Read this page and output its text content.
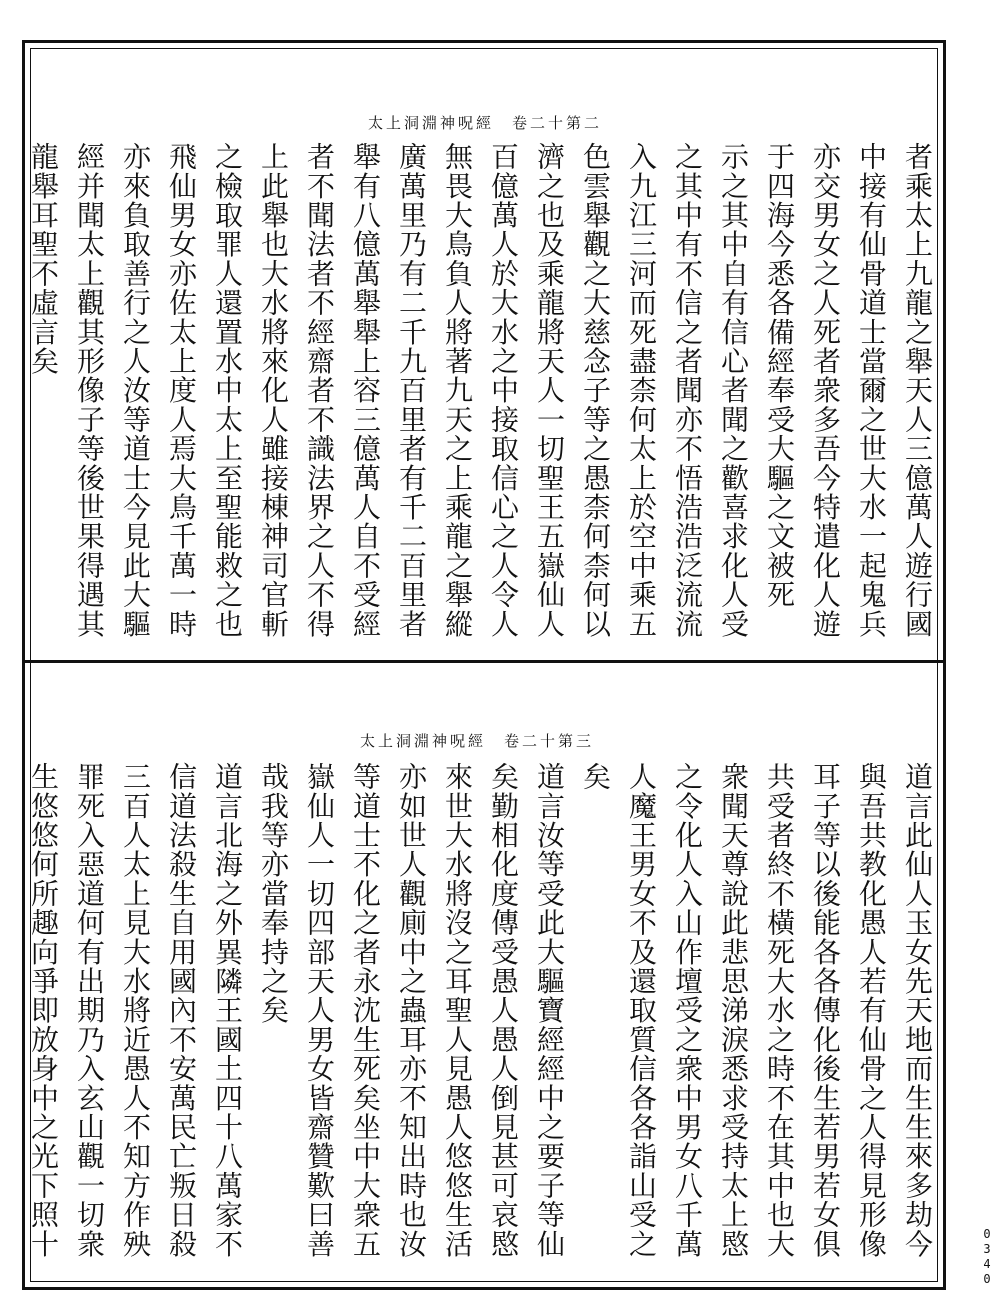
太上洞淵神呪經　卷二十第二
者乘太上九龍之舉天人三億萬人遊行國
中接有仙骨道士當爾之世大水一起鬼兵
亦交男女之人死者衆多吾今特遣化人遊
于四海今悉各備經奉受大驅之文被死
示之其中自有信心者聞之歡喜求化人受
之其中有不信之者聞亦不悟浩浩泛流流
入九江三河而死盡柰何太上於空中乘五
色雲舉觀之大慈念子等之愚柰何柰何以
濟之也及乘龍將天人一切聖王五嶽仙人
百億萬人於大水之中接取信心之人令人
無畏大鳥負人將著九天之上乘龍之舉縱
廣萬里乃有二千九百里者有千二百里者
舉有八億萬舉舉上容三億萬人自不受經
者不聞法者不經齋者不識法界之人不得
上此舉也大水將來化人雖接棟神司官斬
之檢取罪人還置水中太上至聖能救之也
飛仙男女亦佐太上度人焉大鳥千萬一時
亦來負取善行之人汝等道士今見此大驅
經并聞太上觀其形像子等後世果得遇其
龍舉耳聖不虛言矣
太上洞淵神呪經　卷二十第三
道言此仙人玉女先天地而生生來多劫今
與吾共教化愚人若有仙骨之人得見形像
耳子等以後能各各傳化後生若男若女俱
共受者終不橫死大水之時不在其中也大
衆聞天尊說此悲思涕淚悉求受持太上愍
之令化人入山作壇受之衆中男女八千萬
人魔王男女不及還取質信各各詣山受之
矣
道言汝等受此大驅寶經經中之要子等仙
矣勤相化度傳受愚人愚人倒見甚可哀愍
來世大水將沒之耳聖人見愚人悠悠生活
亦如世人觀廁中之蟲耳亦不知出時也汝
等道士不化之者永沈生死矣坐中大衆五
嶽仙人一切四部天人男女皆齋贊歎曰善
哉我等亦當奉持之矣
道言北海之外異隣王國土四十八萬家不
信道法殺生自用國內不安萬民亡叛日殺
三百人太上見大水將近愚人不知方作殃
罪死入惡道何有出期乃入玄山觀一切衆
生悠悠何所趣向爭即放身中之光下照十	0340
